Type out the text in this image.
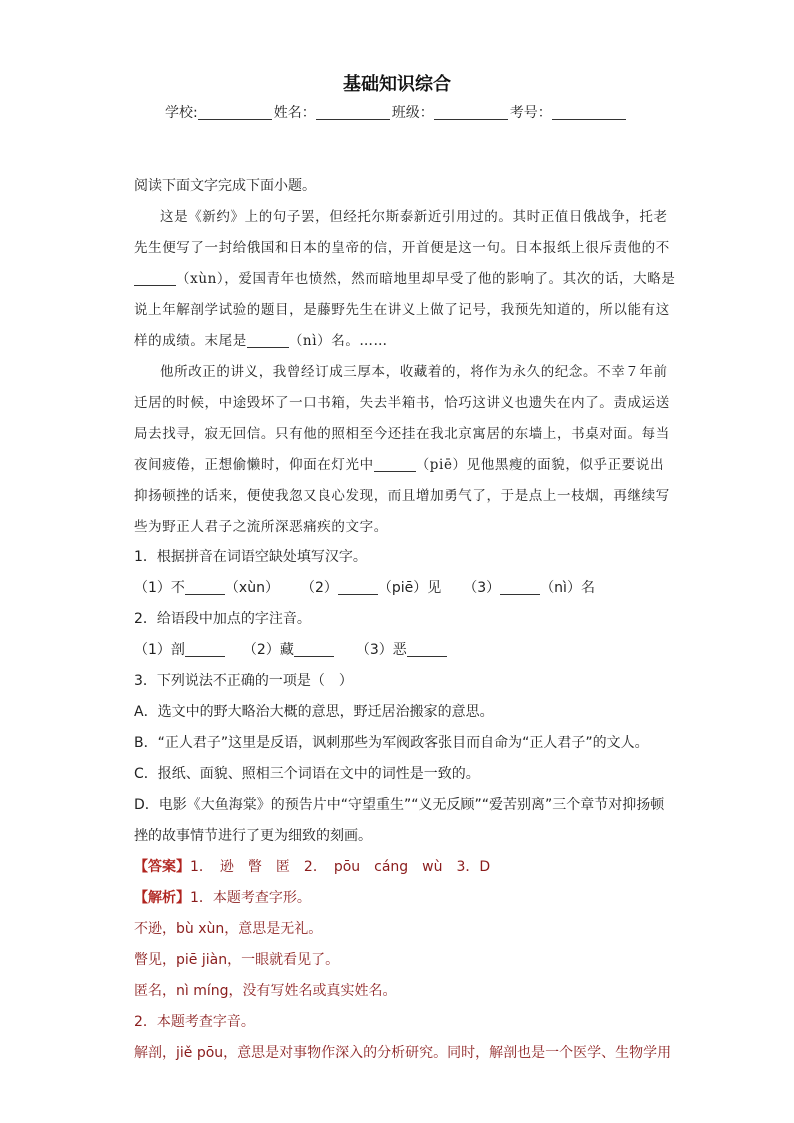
基础知识综合
学校:	姓名：	班级：	考号：
阅读下面文字完成下面小题。
这是《新约》上的句子罢，但经托尔斯泰新近引用过的。其时正值日俄战争，托老
先生便写了一封给俄国和日本的皇帝的信，开首便是这一句。日本报纸上很斥责他的不
（xùn），爱国青年也愤然，然而暗地里却早受了他的影响了。其次的话，大略是
说上年解剖学试验的题目，是藤野先生在讲义上做了记号，我预先知道的，所以能有这
样的成绩。末尾是	（nì）名。……
他所改正的讲义，我曾经订成三厚本，收藏着的，将作为永久的纪念。不幸７年前
迁居的时候，中途毁坏了一口书箱，失去半箱书，恰巧这讲义也遗失在内了。责成运送
局去找寻，寂无回信。只有他的照相至今还挂在我北京寓居的东墙上，书桌对面。每当
夜间疲倦，正想偷懒时，仰面在灯光中	（piē）见他黑瘦的面貌，似乎正要说出
抑扬顿挫的话来，便使我忽又良心发现，而且增加勇气了，于是点上一枝烟，再继续写
些为野正人君子之流所深恶痛疾的文字。
1．根据拼音在词语空缺处填写汉字。
（1）不	（xùn） （2）	（piē）见 （3）	（nì）名
2．给语段中加点的字注音。
（1）剖	（2）藏	（3）恶
3．下列说法不正确的一项是（　）
A．选文中的野大略治大概的意思，野迁居治搬家的意思。
B．“正人君子”这里是反语，讽刺那些为军阀政客张目而自命为“正人君子”的文人。
C．报纸、面貌、照相三个词语在文中的词性是一致的。
D．电影《大鱼海棠》的预告片中“守望重生”“义无反顾”“爱苦别离”三个章节对抑扬顿
挫的故事情节进行了更为细致的刻画。
【答案】1．　逊　瞥　匿　2．　pōu　cáng　wù　3．D
【解析】1．本题考查字形。
不逊，bù xùn，意思是无礼。
瞥见，piē jiàn，一眼就看见了。
匿名，nì míng，没有写姓名或真实姓名。
2．本题考查字音。
解剖，jiě pōu，意思是对事物作深入的分析研究。同时，解剖也是一个医学、生物学用
